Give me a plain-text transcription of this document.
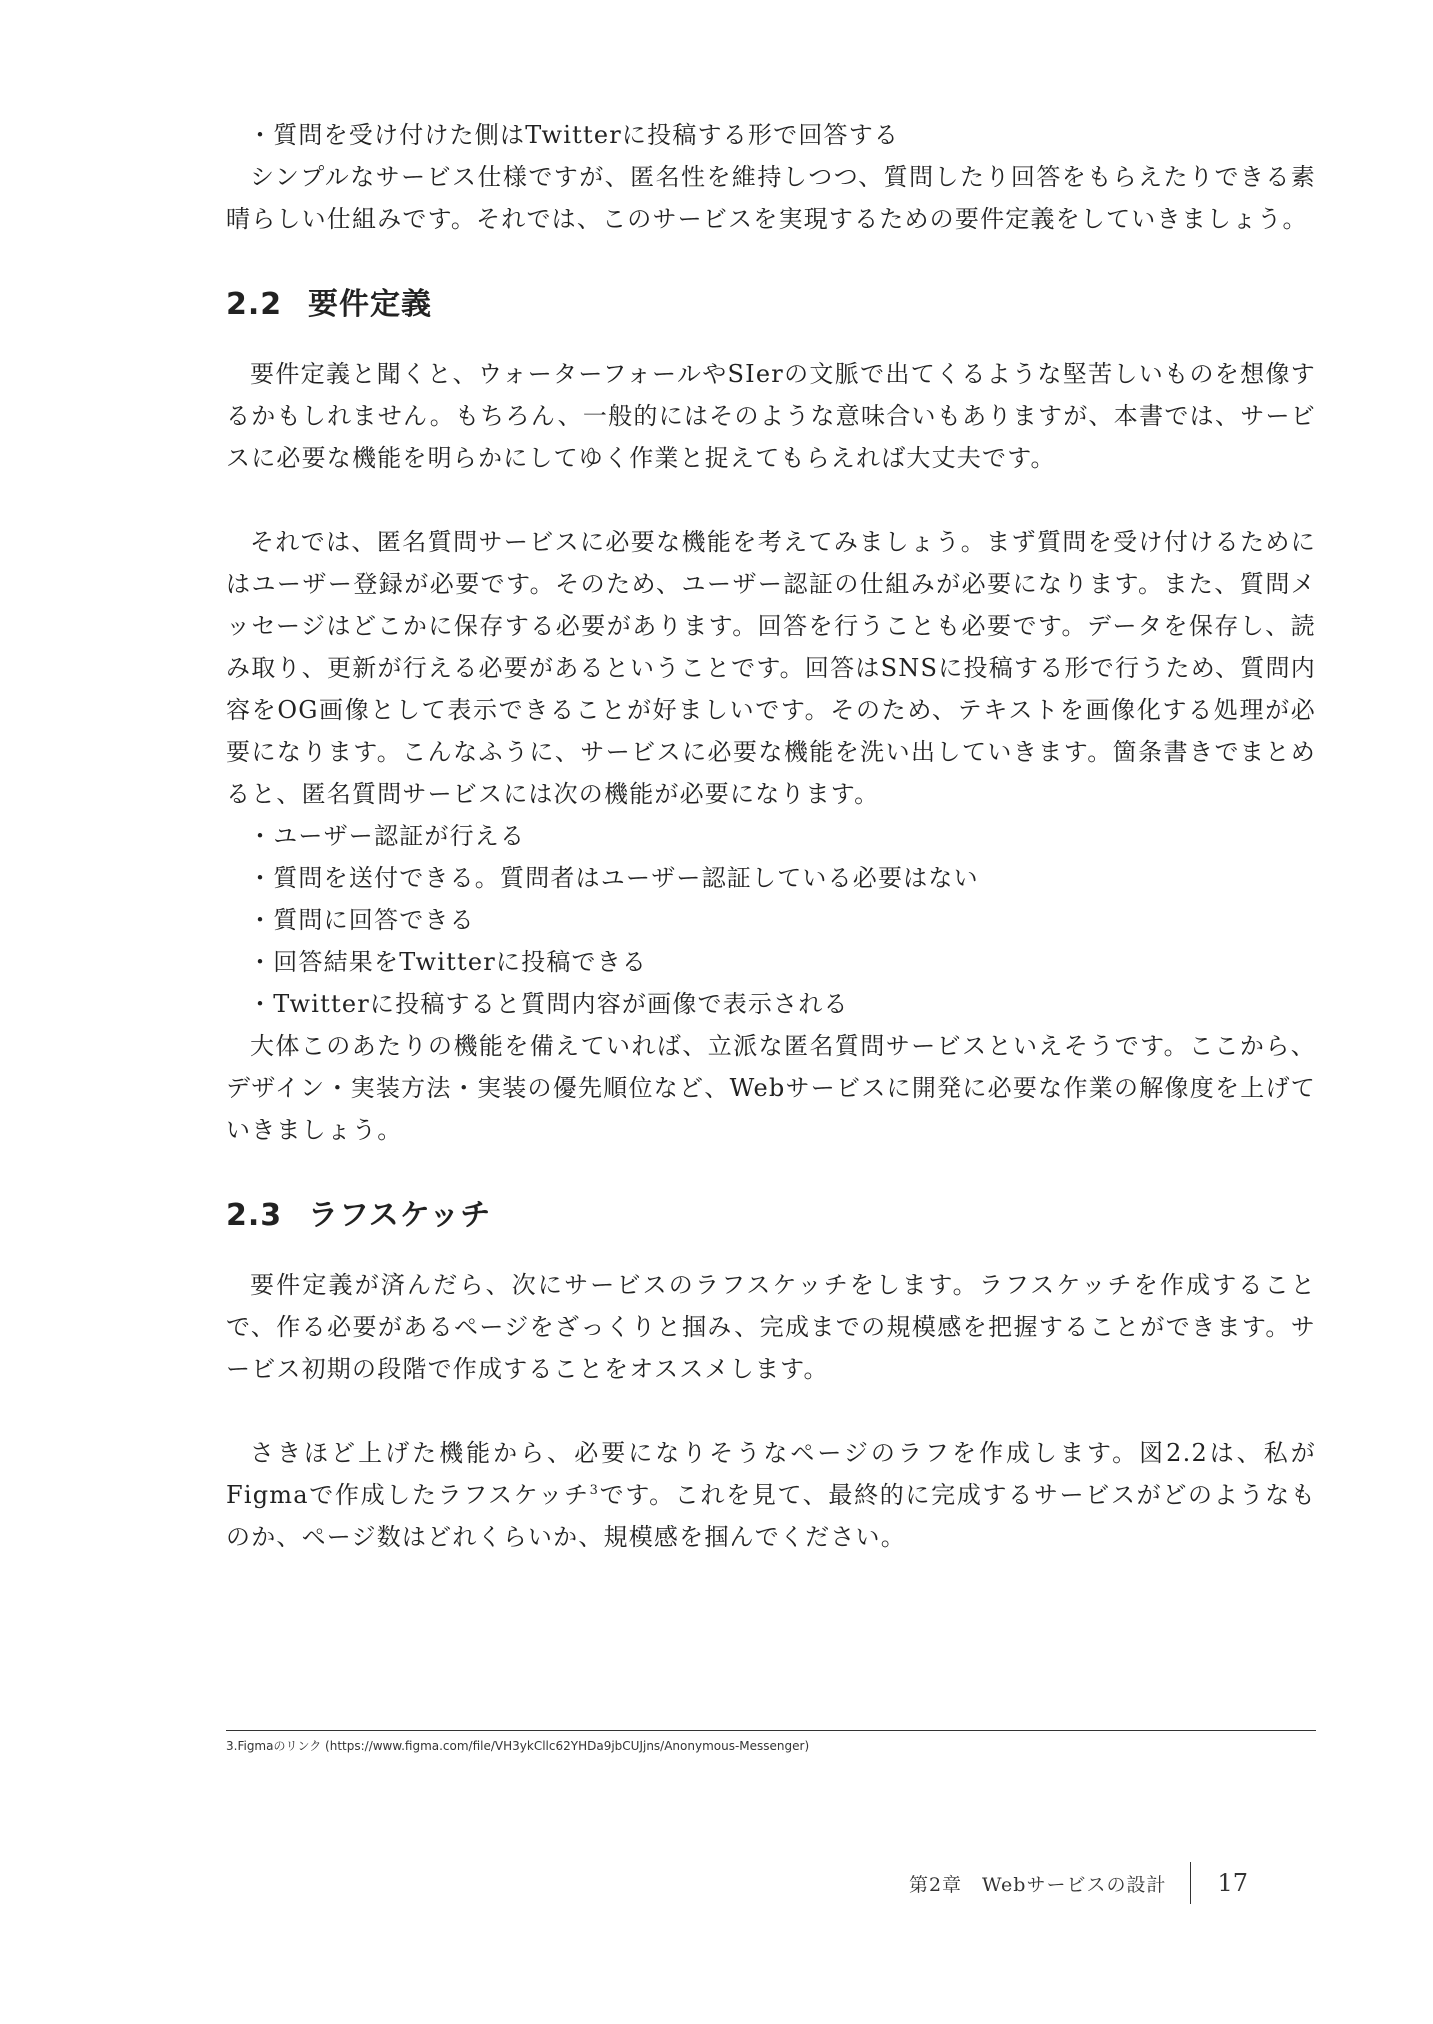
・質問を受け付けた側はTwitterに投稿する形で回答する

シンプルなサービス仕様ですが、匿名性を維持しつつ、質問したり回答をもらえたりできる素晴らしい仕組みです。それでは、このサービスを実現するための要件定義をしていきましょう。

2.2 要件定義

要件定義と聞くと、ウォーターフォールやSIerの文脈で出てくるような堅苦しいものを想像するかもしれません。もちろん、一般的にはそのような意味合いもありますが、本書では、サービスに必要な機能を明らかにしてゆく作業と捉えてもらえれば大丈夫です。

それでは、匿名質問サービスに必要な機能を考えてみましょう。まず質問を受け付けるためにはユーザー登録が必要です。そのため、ユーザー認証の仕組みが必要になります。また、質問メッセージはどこかに保存する必要があります。回答を行うことも必要です。データを保存し、読み取り、更新が行える必要があるということです。回答はSNSに投稿する形で行うため、質問内容をOG画像として表示できることが好ましいです。そのため、テキストを画像化する処理が必要になります。こんなふうに、サービスに必要な機能を洗い出していきます。箇条書きでまとめると、匿名質問サービスには次の機能が必要になります。

・ユーザー認証が行える

・質問を送付できる。質問者はユーザー認証している必要はない

・質問に回答できる

・回答結果をTwitterに投稿できる

・Twitterに投稿すると質問内容が画像で表示される

大体このあたりの機能を備えていれば、立派な匿名質問サービスといえそうです。ここから、デザイン・実装方法・実装の優先順位など、Webサービスに開発に必要な作業の解像度を上げていきましょう。

2.3 ラフスケッチ

要件定義が済んだら、次にサービスのラフスケッチをします。ラフスケッチを作成することで、作る必要があるページをざっくりと掴み、完成までの規模感を把握することができます。サービス初期の段階で作成することをオススメします。

さきほど上げた機能から、必要になりそうなページのラフを作成します。図2.2は、私がFigmaで作成したラフスケッチ$^3$です。これを見て、最終的に完成するサービスがどのようなものか、ページ数はどれくらいか、規模感を掴んでください。

3.Figmaのリンク (https://www.figma.com/file/VH3ykCllc62YHDa9jbCUJjns/Anonymous-Messenger)
第2章　Webサービスの設計 17
